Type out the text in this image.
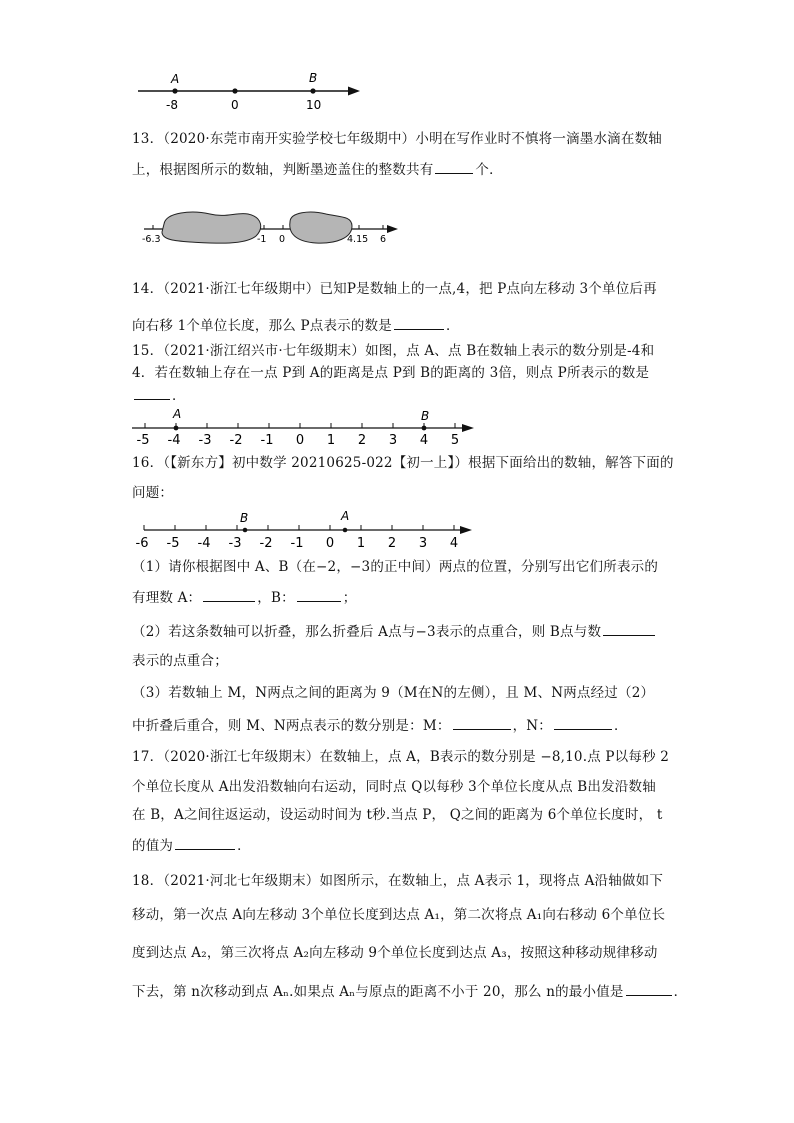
A	B
-8	0	10
13．（2020·东莞市南开实验学校七年级期中）小明在写作业时不慎将一滴墨水滴在数轴
上，根据图所示的数轴，判断墨迹盖住的整数共有	个．
-6.3	-1 0	4.15 6
14．（2021·浙江七年级期中）已知P是数轴上的一点,4，把 P点向左移动 3个单位后再
向右移 1个单位长度，那么 P点表示的数是	．
15．（2021·浙江绍兴市·七年级期末）如图，点 A、点 B在数轴上表示的数分别是-4和
4．若在数轴上存在一点 P到 A的距离是点 P到 B的距离的 3倍，则点 P所表示的数是
．
A	B
-5 -4 -3 -2 -1 0 1 2 3 4 5
16．（【新东方】初中数学 20210625-022【初一上】）根据下面给出的数轴，解答下面的
问题：
B	A
-6 -5 -4 -3 -2 -1 0 1 2 3 4
（1）请你根据图中 A、B（在−2，−3的正中间）两点的位置，分别写出它们所表示的
有理数 A：	，B：	；
（2）若这条数轴可以折叠，那么折叠后 A点与−3表示的点重合，则 B点与数
表示的点重合；
（3）若数轴上 M，N两点之间的距离为 9（M在N的左侧），且 M、N两点经过（2）
中折叠后重合，则 M、N两点表示的数分别是：M：	，N：	．
17．（2020·浙江七年级期末）在数轴上，点 A，B表示的数分别是 −8,10.点 P以每秒 2
个单位长度从 A出发沿数轴向右运动，同时点 Q以每秒 3个单位长度从点 B出发沿数轴
在 B，A之间往返运动，设运动时间为 t秒.当点 P， Q之间的距离为 6个单位长度时， t
的值为	．
18．（2021·河北七年级期末）如图所示，在数轴上，点 A表示 1，现将点 A沿轴做如下
移动，第一次点 A向左移动 3个单位长度到达点 A₁，第二次将点 A₁向右移动 6个单位长
度到达点 A₂，第三次将点 A₂向左移动 9个单位长度到达点 A₃，按照这种移动规律移动
下去，第 n次移动到点 Aₙ.如果点 Aₙ与原点的距离不小于 20，那么 n的最小值是	．
